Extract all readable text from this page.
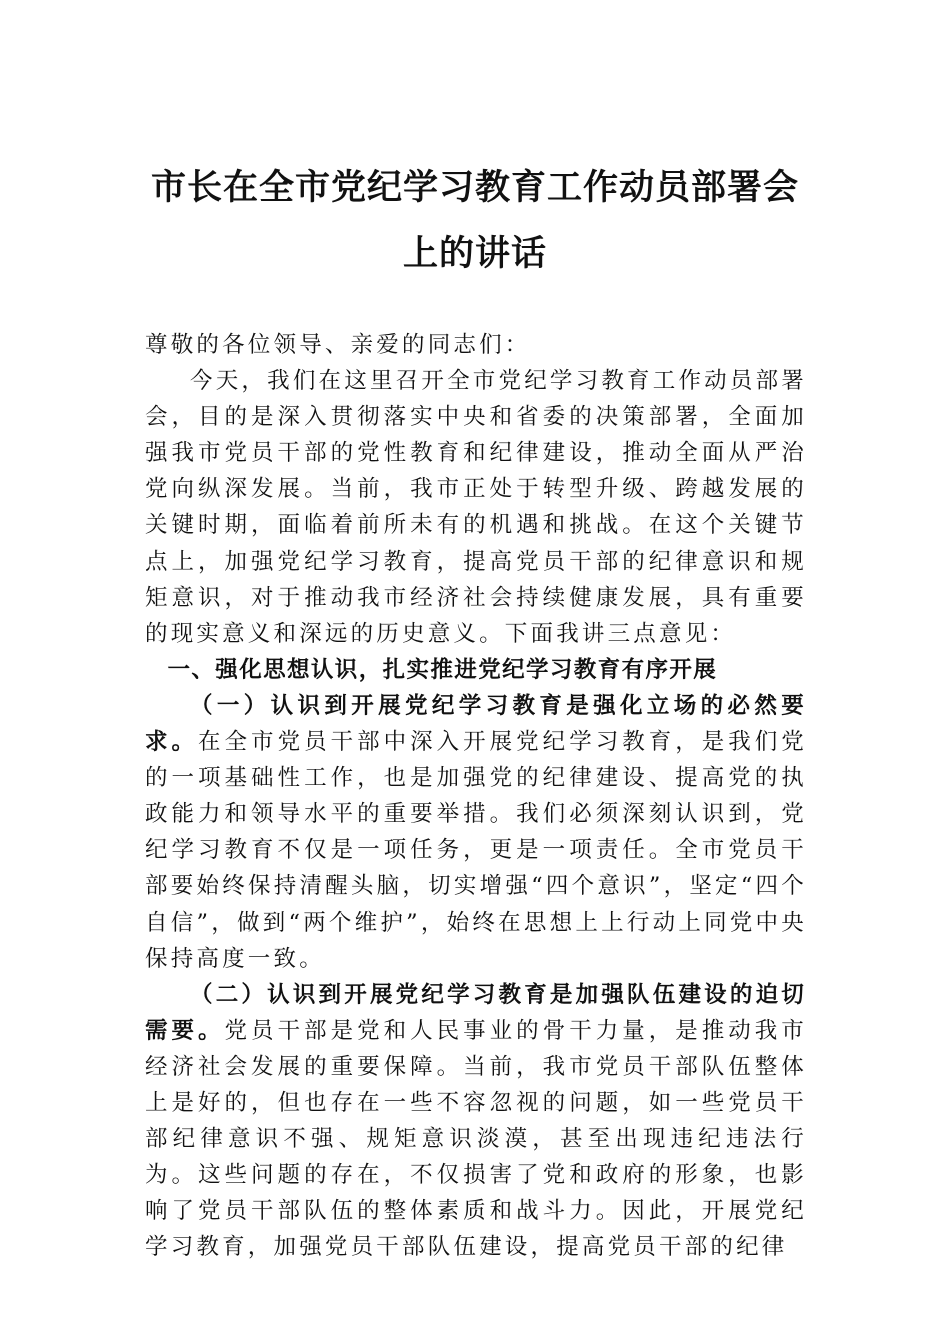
市长在全市党纪学习教育工作动员部署会
上的讲话

尊敬的各位领导、亲爱的同志们：

今天，我们在这里召开全市党纪学习教育工作动员部署会，目的是深入贯彻落实中央和省委的决策部署，全面加强我市党员干部的党性教育和纪律建设，推动全面从严治党向纵深发展。当前，我市正处于转型升级、跨越发展的关键时期，面临着前所未有的机遇和挑战。在这个关键节点上，加强党纪学习教育，提高党员干部的纪律意识和规矩意识，对于推动我市经济社会持续健康发展，具有重要的现实意义和深远的历史意义。下面我讲三点意见：

一、强化思想认识，扎实推进党纪学习教育有序开展

（一）认识到开展党纪学习教育是强化立场的必然要求。在全市党员干部中深入开展党纪学习教育，是我们党的一项基础性工作，也是加强党的纪律建设、提高党的执政能力和领导水平的重要举措。我们必须深刻认识到，党纪学习教育不仅是一项任务，更是一项责任。全市党员干部要始终保持清醒头脑，切实增强“四个意识”，坚定“四个自信”，做到“两个维护”，始终在思想上上行动上同党中央保持高度一致。

（二）认识到开展党纪学习教育是加强队伍建设的迫切需要。党员干部是党和人民事业的骨干力量，是推动我市经济社会发展的重要保障。当前，我市党员干部队伍整体上是好的，但也存在一些不容忽视的问题，如一些党员干部纪律意识不强、规矩意识淡漠，甚至出现违纪违法行为。这些问题的存在，不仅损害了党和政府的形象，也影响了党员干部队伍的整体素质和战斗力。因此，开展党纪学习教育，加强党员干部队伍建设，提高党员干部的纪律
